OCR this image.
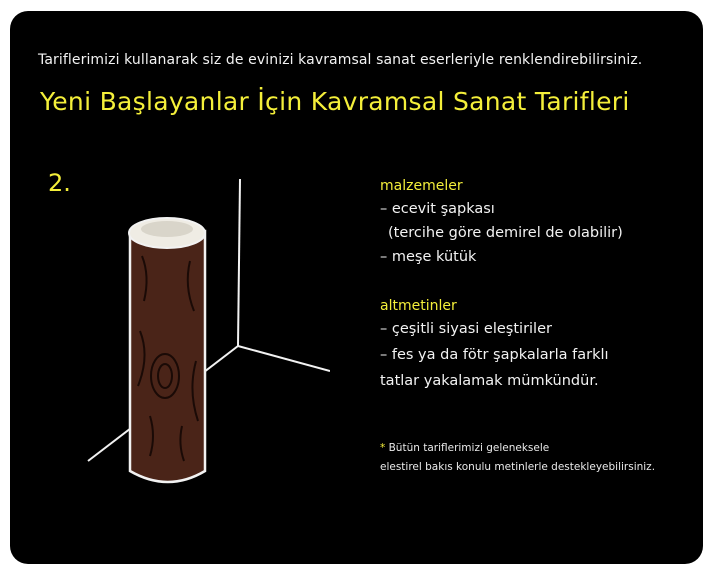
Tariflerimizi kullanarak siz de evinizi kavramsal sanat eserleriyle renklendirebilirsiniz.
Yeni Başlayanlar İçin Kavramsal Sanat Tarifleri
2.	malzemeler
– ecevit şapkası
(tercihe göre demirel de olabilir)
– meşe kütük
altmetinler
– çeşitli siyasi eleştiriler
– fes ya da fötr şapkalarla farklı
tatlar yakalamak mümkündür.
* Bütün tariflerimizi geleneksele
elestirel bakıs konulu metinlerle destekleyebilirsiniz.
